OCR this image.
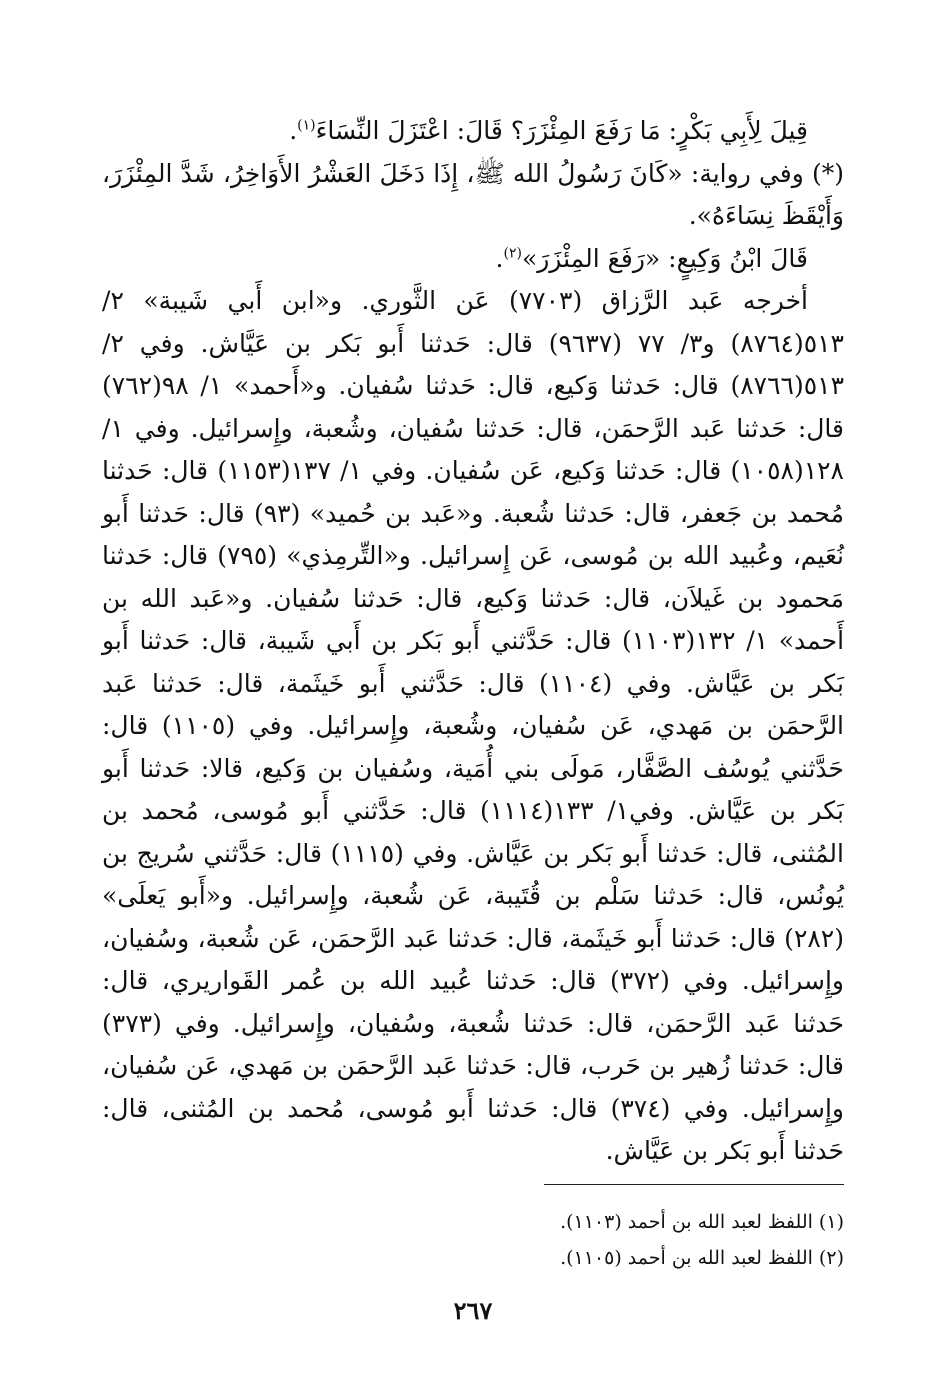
قِيلَ لِأَبِي بَكْرٍ: مَا رَفَعَ المِئْزَرَ؟ قَالَ: اعْتَزَلَ النِّسَاءَ$^{(١)}$.

(*) وفي رواية: «كَانَ رَسُولُ الله ﷺ، إِذَا دَخَلَ العَشْرُ الأَوَاخِرُ، شَدَّ المِئْزَرَ، وَأَيْقَظَ نِسَاءَهُ».

قَالَ ابْنُ وَكِيعٍ: «رَفَعَ المِئْزَرَ»$^{(٢)}$.

أخرجه عَبد الرَّزاق (٧٧٠٣) عَن الثَّوري. و«ابن أَبي شَيبة» ٢/ ٥١٣(٨٧٦٤) و٣/ ٧٧ (٩٦٣٧) قال: حَدثنا أَبو بَكر بن عَيَّاش. وفي ٢/ ٥١٣(٨٧٦٦) قال: حَدثنا وَكيع، قال: حَدثنا سُفيان. و«أَحمد» ١/ ٩٨(٧٦٢) قال: حَدثنا عَبد الرَّحمَن، قال: حَدثنا سُفيان، وشُعبة، وإِسرائيل. وفي ١/ ١٢٨(١٠٥٨) قال: حَدثنا وَكيع، عَن سُفيان. وفي ١/ ١٣٧(١١٥٣) قال: حَدثنا مُحمد بن جَعفر، قال: حَدثنا شُعبة. و«عَبد بن حُميد» (٩٣) قال: حَدثنا أَبو نُعَيم، وعُبيد الله بن مُوسى، عَن إِسرائيل. و«التِّرمِذي» (٧٩٥) قال: حَدثنا مَحمود بن غَيلاَن، قال: حَدثنا وَكيع، قال: حَدثنا سُفيان. و«عَبد الله بن أَحمد» ١/ ١٣٢(١١٠٣) قال: حَدَّثني أَبو بَكر بن أَبي شَيبة، قال: حَدثنا أَبو بَكر بن عَيَّاش. وفي (١١٠٤) قال: حَدَّثني أَبو خَيثَمة، قال: حَدثنا عَبد الرَّحمَن بن مَهدي، عَن سُفيان، وشُعبة، وإِسرائيل. وفي (١١٠٥) قال: حَدَّثني يُوسُف الصَّفَّار، مَولَى بني أُمَية، وسُفيان بن وَكيع، قالا: حَدثنا أَبو بَكر بن عَيَّاش. وفي١/ ١٣٣(١١١٤) قال: حَدَّثني أَبو مُوسى، مُحمد بن المُثنى، قال: حَدثنا أَبو بَكر بن عَيَّاش. وفي (١١١٥) قال: حَدَّثني سُريج بن يُونُس، قال: حَدثنا سَلْم بن قُتَيبة، عَن شُعبة، وإِسرائيل. و«أَبو يَعلَى» (٢٨٢) قال: حَدثنا أَبو خَيثَمة، قال: حَدثنا عَبد الرَّحمَن، عَن شُعبة، وسُفيان، وإِسرائيل. وفي (٣٧٢) قال: حَدثنا عُبيد الله بن عُمر القَواريري، قال: حَدثنا عَبد الرَّحمَن، قال: حَدثنا شُعبة، وسُفيان، وإِسرائيل. وفي (٣٧٣) قال: حَدثنا زُهير بن حَرب، قال: حَدثنا عَبد الرَّحمَن بن مَهدي، عَن سُفيان، وإِسرائيل. وفي (٣٧٤) قال: حَدثنا أَبو مُوسى، مُحمد بن المُثنى، قال: حَدثنا أَبو بَكر بن عَيَّاش.

(١) اللفظ لعبد الله بن أحمد (١١٠٣).

(٢) اللفظ لعبد الله بن أحمد (١١٠٥).

٢٦٧
